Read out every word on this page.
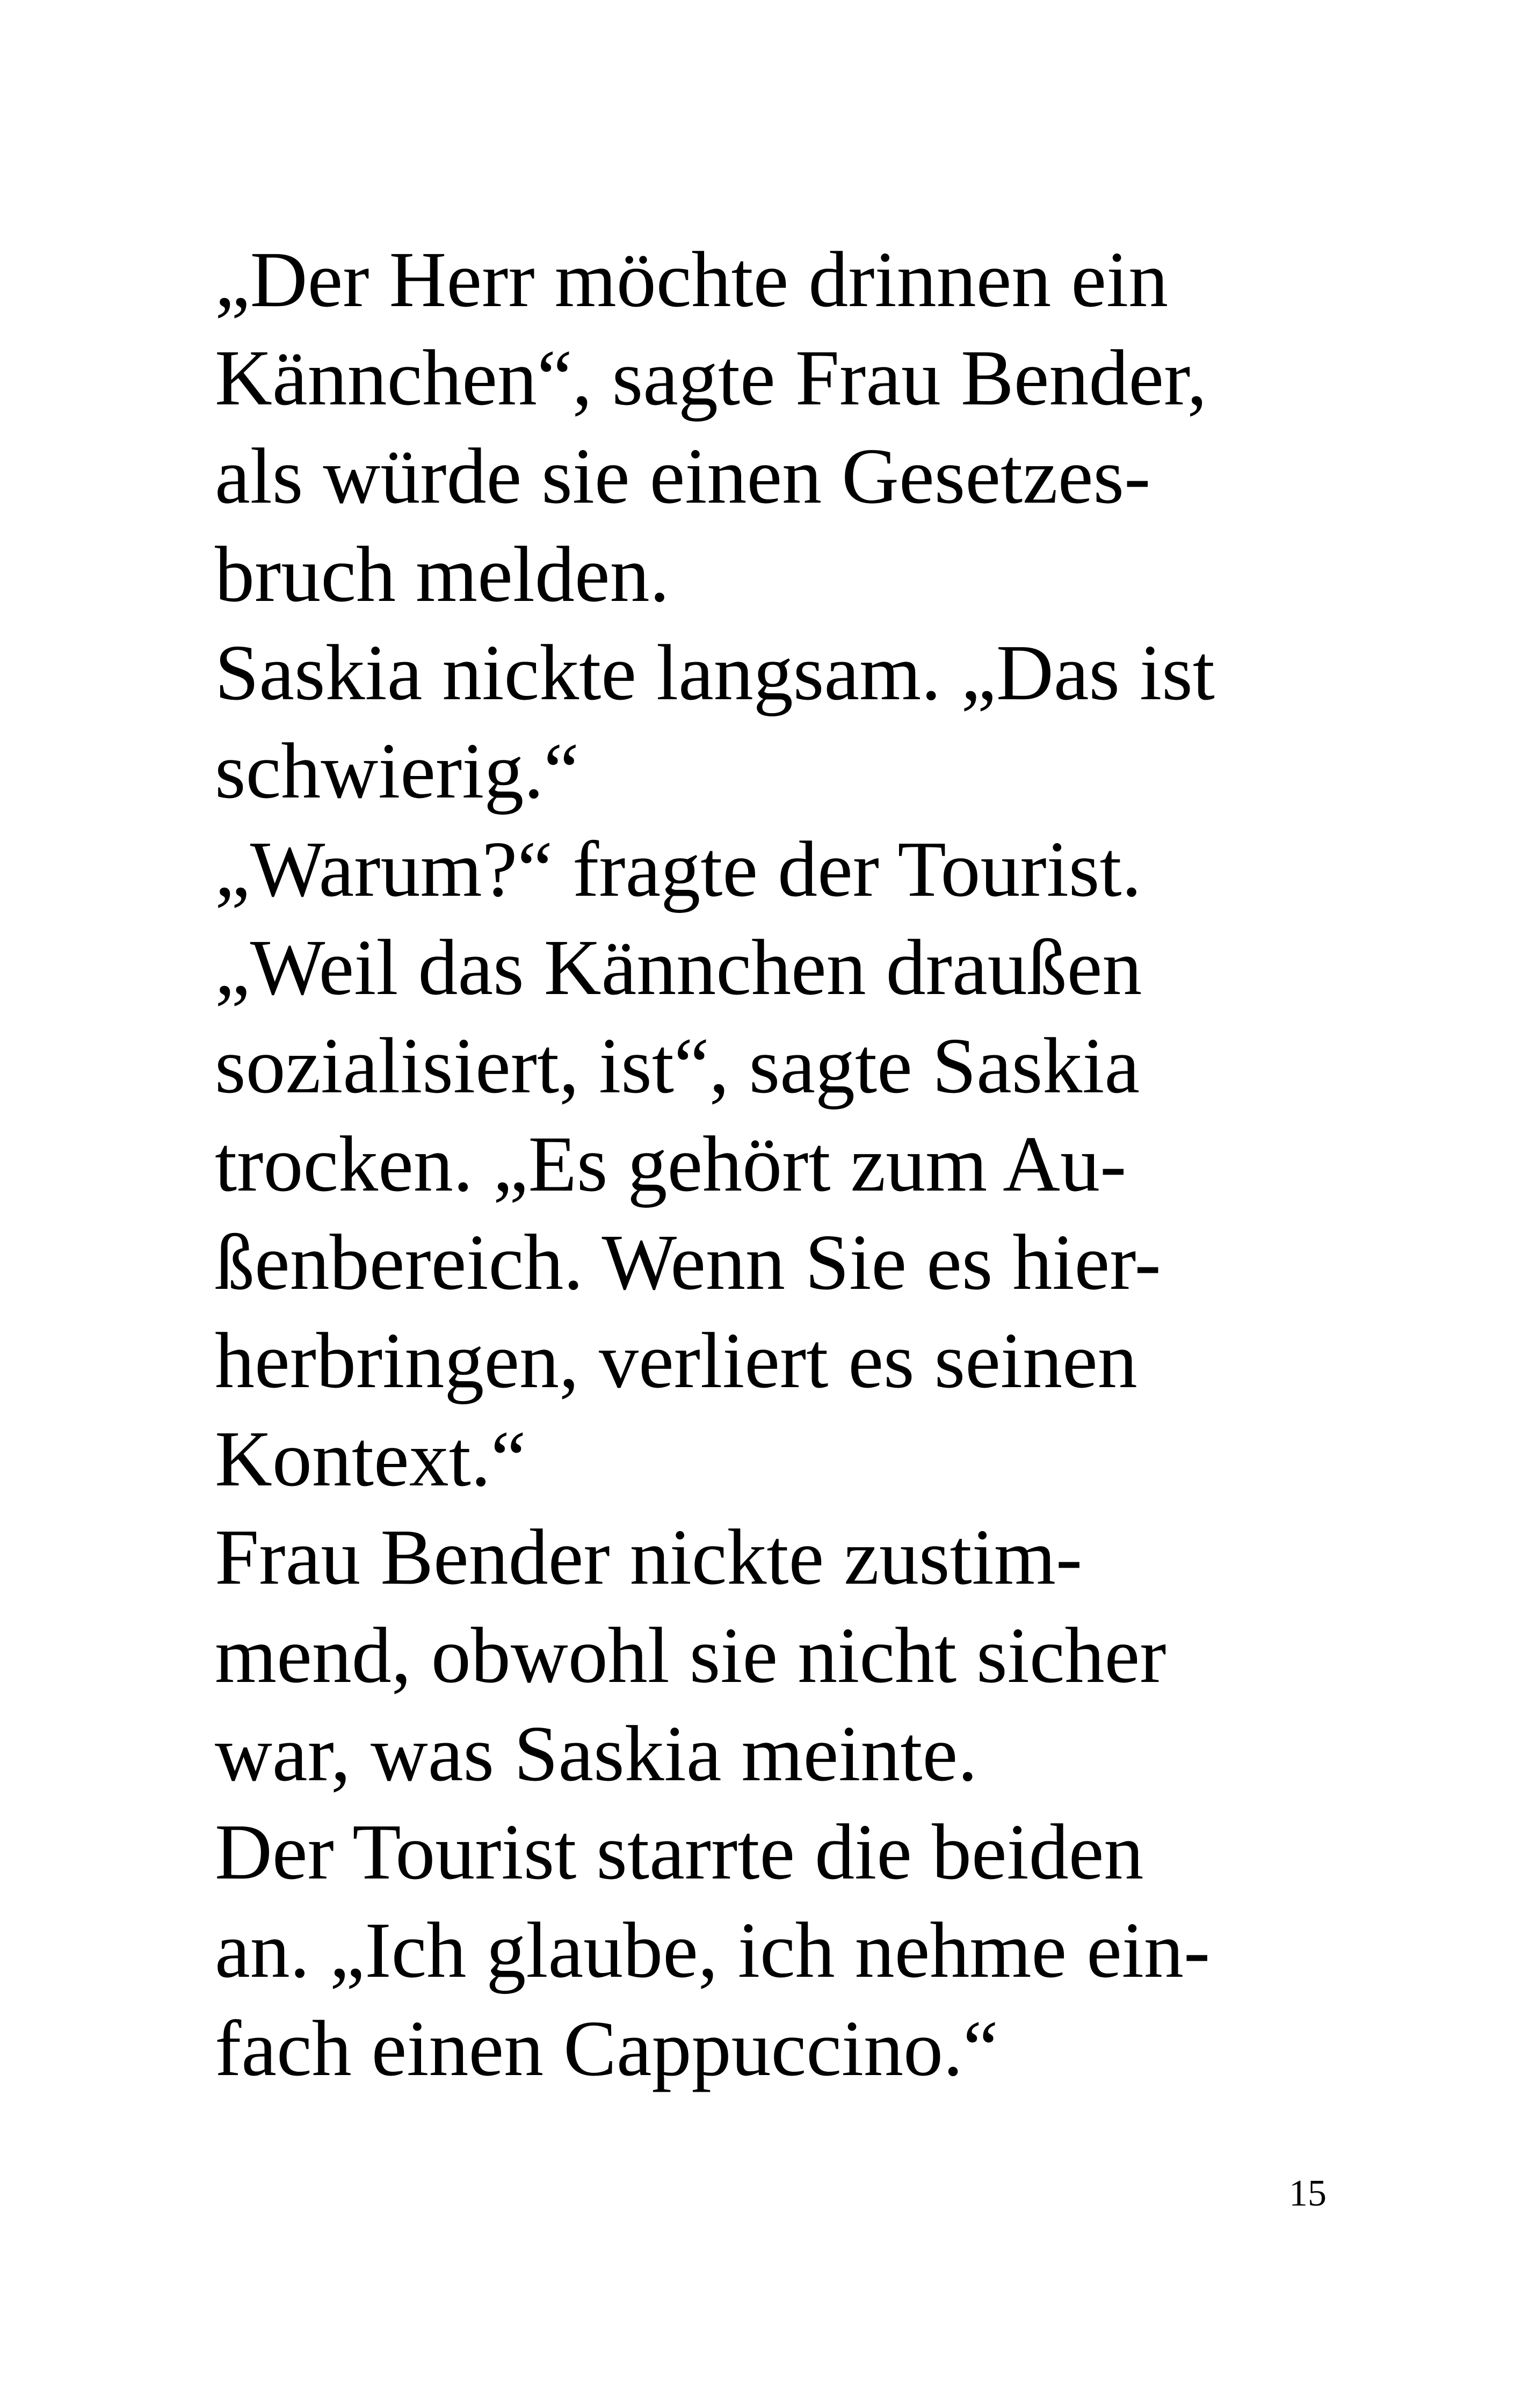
„Der Herr möchte drinnen ein
Kännchen“, sagte Frau Bender,
als würde sie einen Gesetzes-
bruch melden.
Saskia nickte langsam. „Das ist
schwierig.“
„Warum?“ fragte der Tourist.
„Weil das Kännchen draußen
sozialisiert, ist“, sagte Saskia
trocken. „Es gehört zum Au-
ßenbereich. Wenn Sie es hier-
herbringen, verliert es seinen
Kontext.“
Frau Bender nickte zustim-
mend, obwohl sie nicht sicher
war, was Saskia meinte.
Der Tourist starrte die beiden
an. „Ich glaube, ich nehme ein-
fach einen Cappuccino.“
15
